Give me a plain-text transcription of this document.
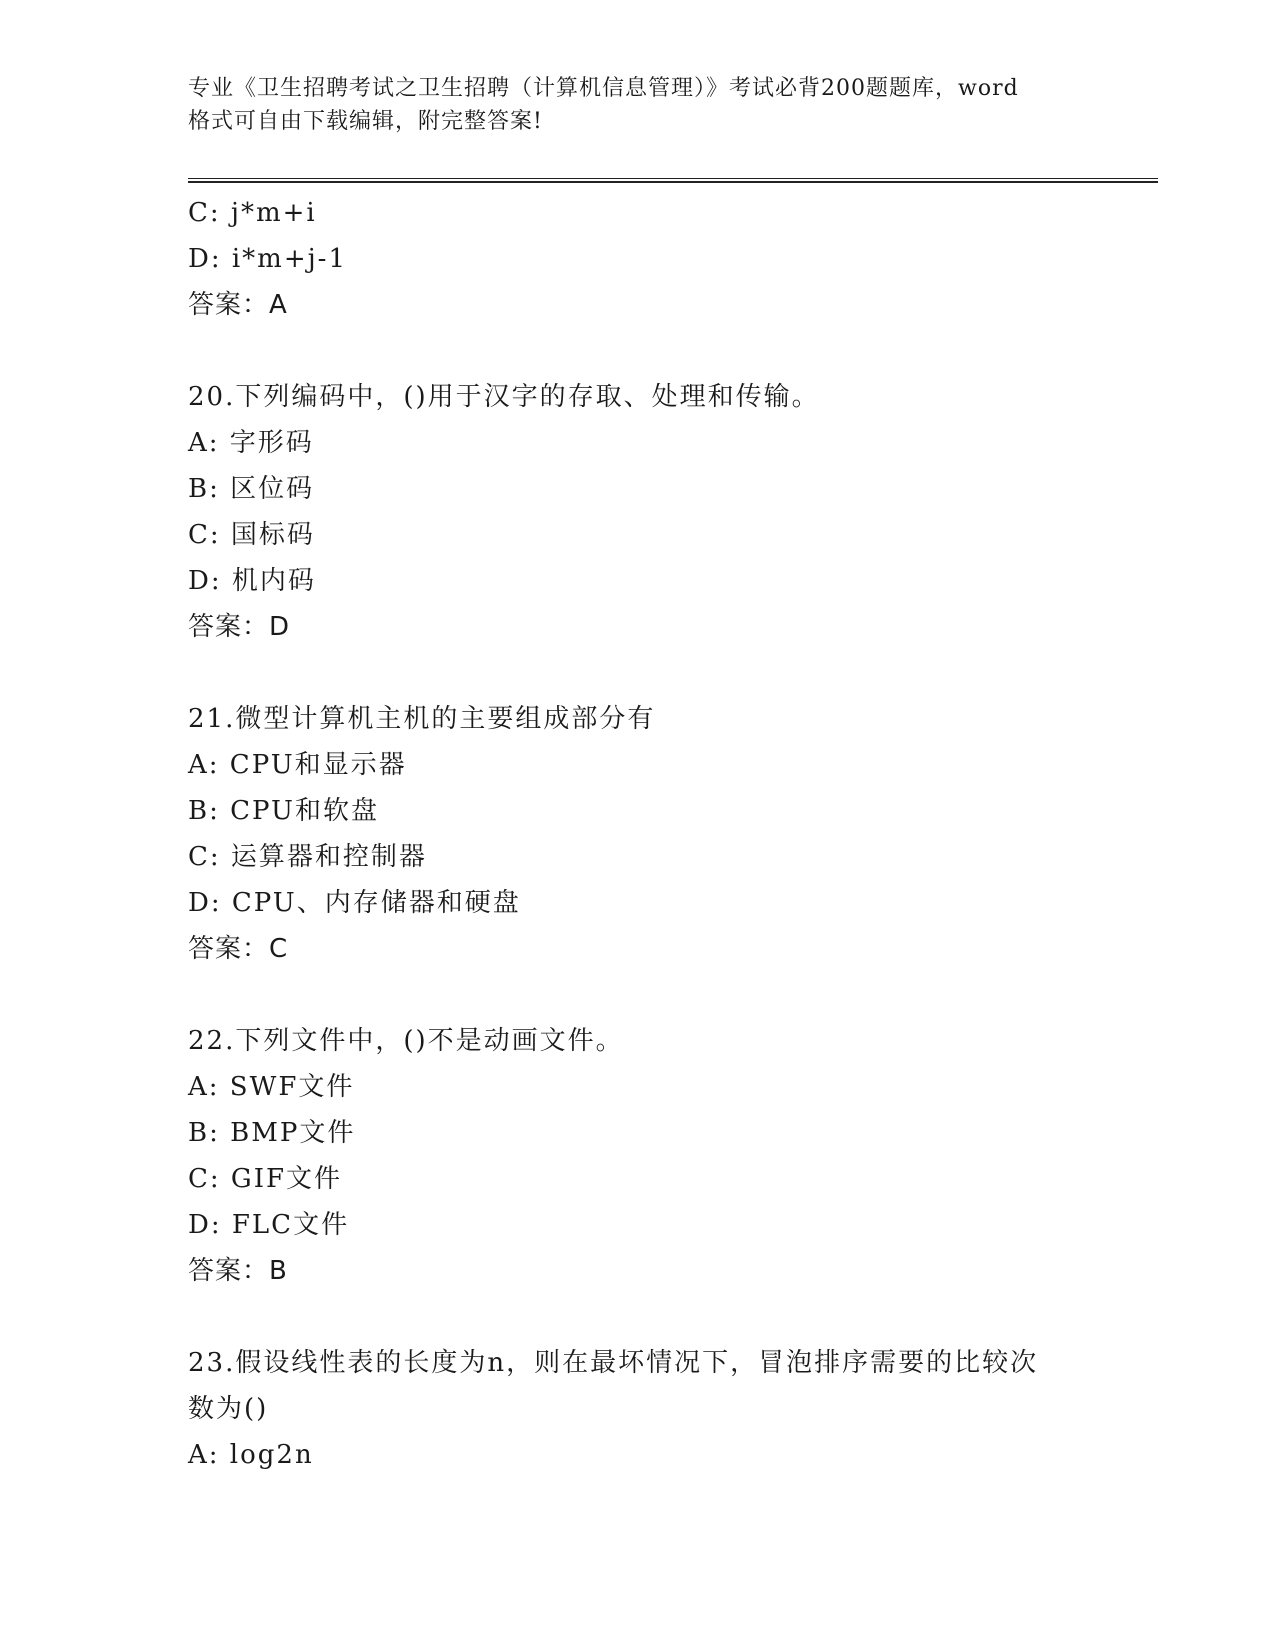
专业《卫生招聘考试之卫生招聘（计算机信息管理）》考试必背200题题库，word
格式可自由下载编辑，附完整答案!
C: j*m+i
D: i*m+j-1
答案：A
20.下列编码中，()用于汉字的存取、处理和传输。
A: 字形码
B: 区位码
C: 国标码
D: 机内码
答案：D
21.微型计算机主机的主要组成部分有
A: CPU和显示器
B: CPU和软盘
C: 运算器和控制器
D: CPU、内存储器和硬盘
答案：C
22.下列文件中，()不是动画文件。
A: SWF文件
B: BMP文件
C: GIF文件
D: FLC文件
答案：B
23.假设线性表的长度为n，则在最坏情况下，冒泡排序需要的比较次
数为()
A: log2n
